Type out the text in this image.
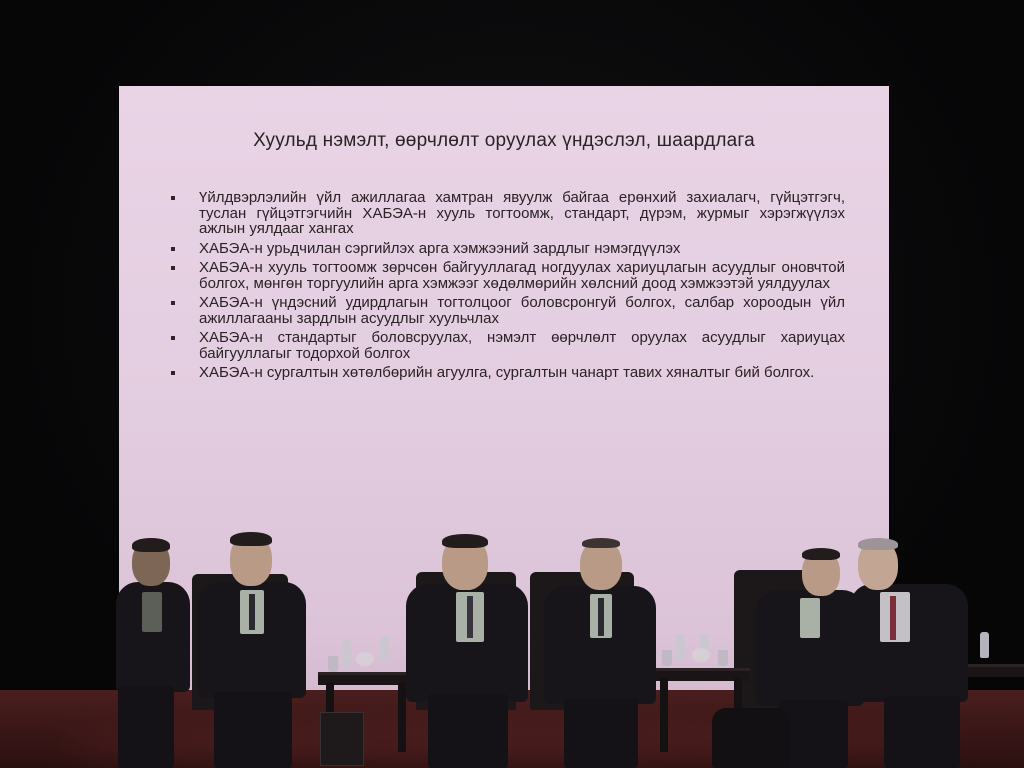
Хуульд нэмэлт, өөрчлөлт оруулах үндэслэл, шаардлага
Үйлдвэрлэлийн үйл ажиллагаа хамтран явуулж байгаа ерөнхий захиалагч, гүйцэтгэгч, туслан гүйцэтгэгчийн ХАБЭА-н хууль тогтоомж, стандарт, дүрэм, журмыг хэрэгжүүлэх ажлын уялдааг хангах
ХАБЭА-н урьдчилан сэргийлэх арга хэмжээний зардлыг нэмэгдүүлэх
ХАБЭА-н хууль тогтоомж зөрчсөн байгууллагад ногдуулах хариуцлагын асуудлыг оновчтой болгох, мөнгөн торгуулийн арга хэмжээг хөдөлмөрийн хөлсний доод хэмжээтэй уялдуулах
ХАБЭА-н үндэсний удирдлагын тогтолцоог боловсронгуй болгох, салбар хороодын үйл ажиллагааны зардлын асуудлыг хуульчлах
ХАБЭА-н стандартыг боловсруулах, нэмэлт өөрчлөлт оруулах асуудлыг хариуцах байгууллагыг тодорхой болгох
ХАБЭА-н сургалтын хөтөлбөрийн агуулга, сургалтын чанарт тавих хяналтыг бий болгох.
